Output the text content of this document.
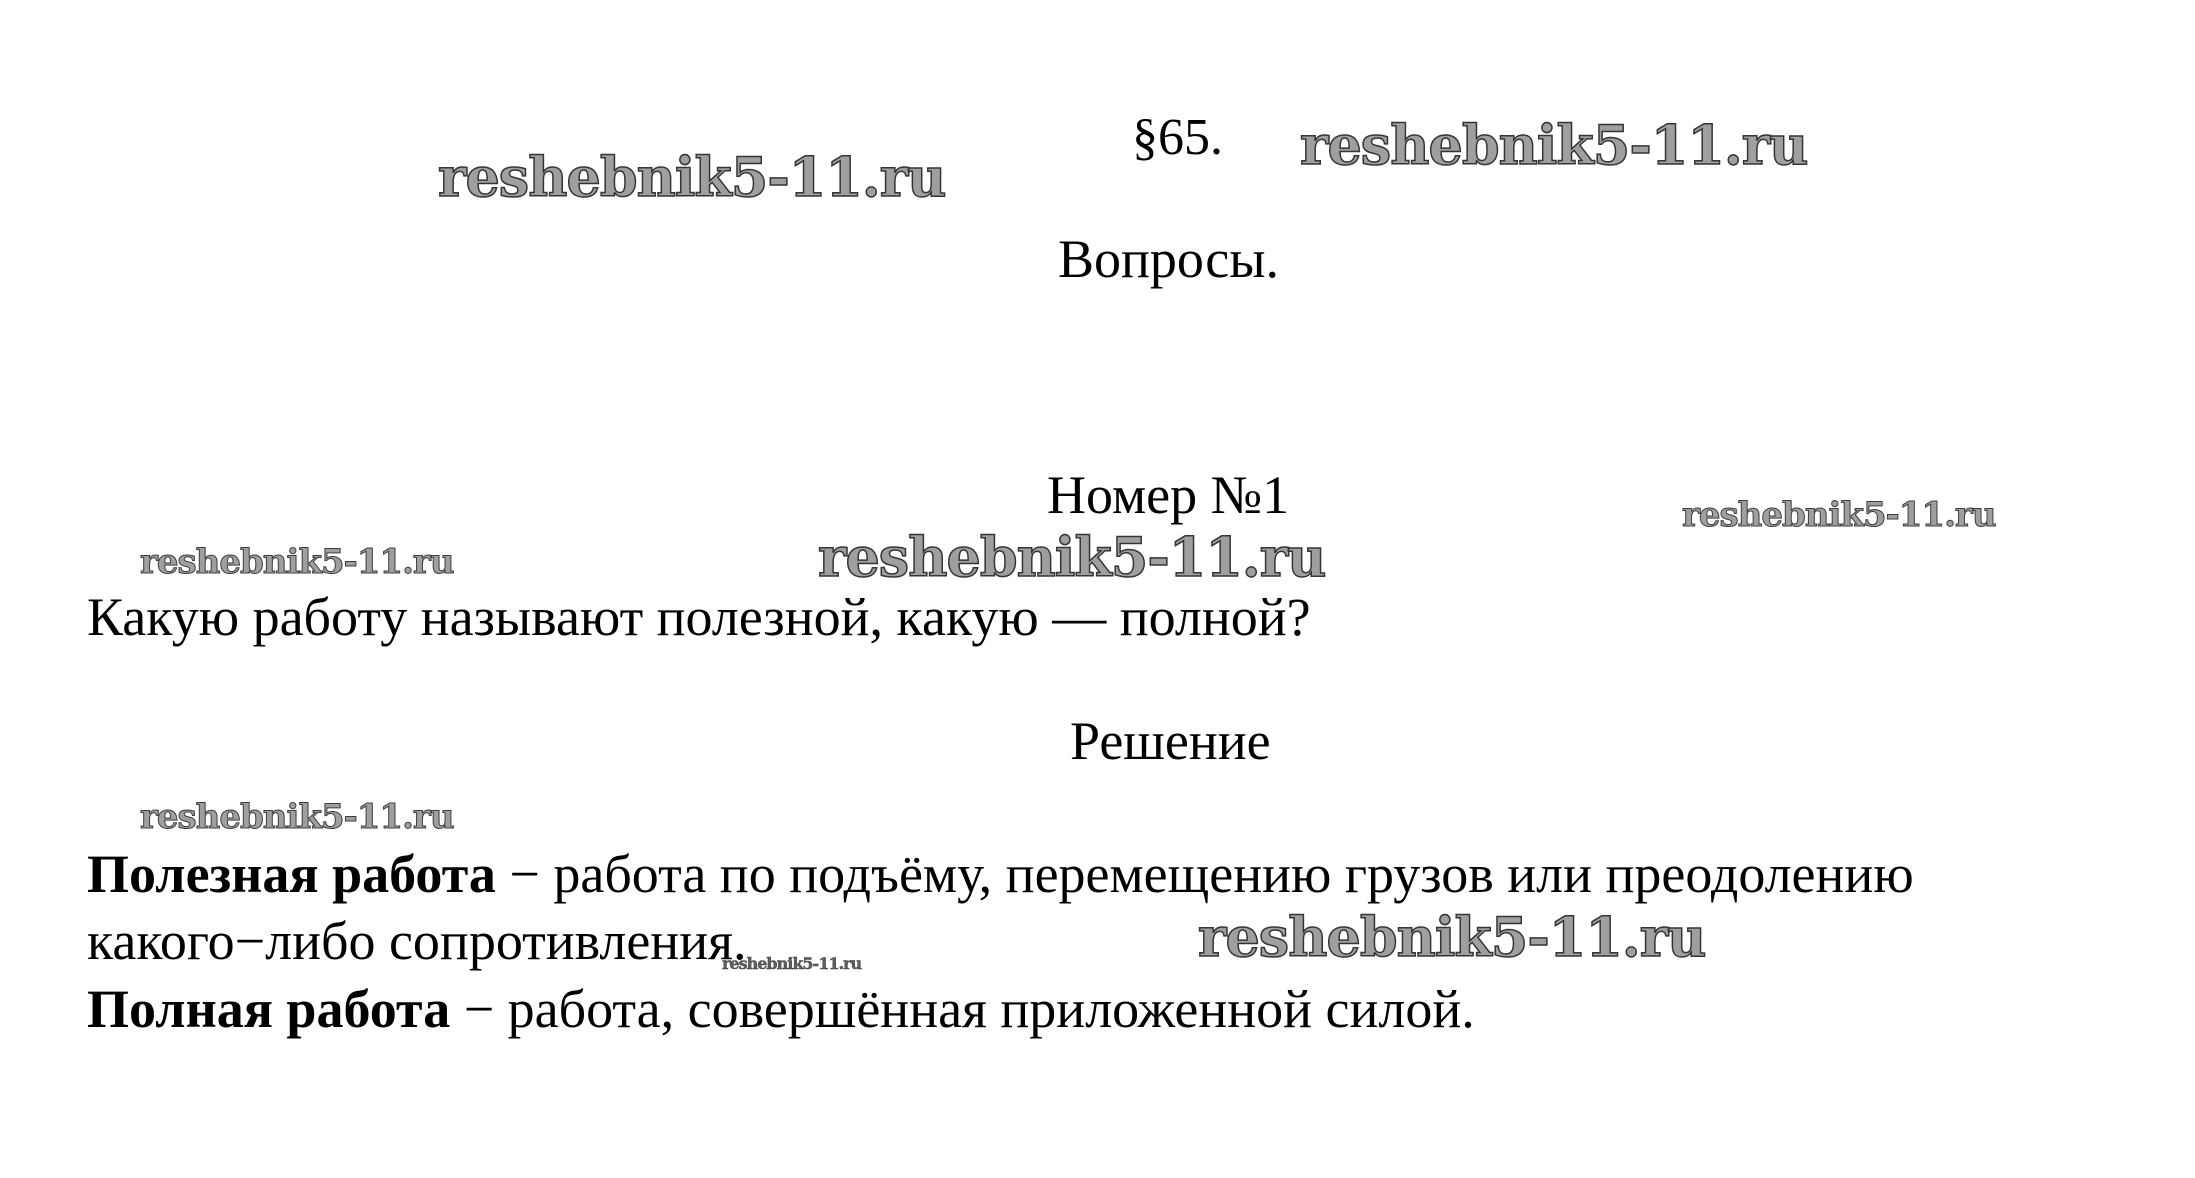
§65.
Вопросы.
Номер №1
Какую работу называют полезной, какую — полной?
Решение
Полезная работа − работа по подъёму, перемещению грузов или преодолению
какого−либо сопротивления.
Полная работа − работа, совершённая приложенной силой.
reshebnik5-11.ru	reshebnik5-11.ru
reshebnik5-11.ru
reshebnik5-11.ru	reshebnik5-11.ru
reshebnik5-11.ru
reshebnik5-11.ru
reshebnik5-11.ru
